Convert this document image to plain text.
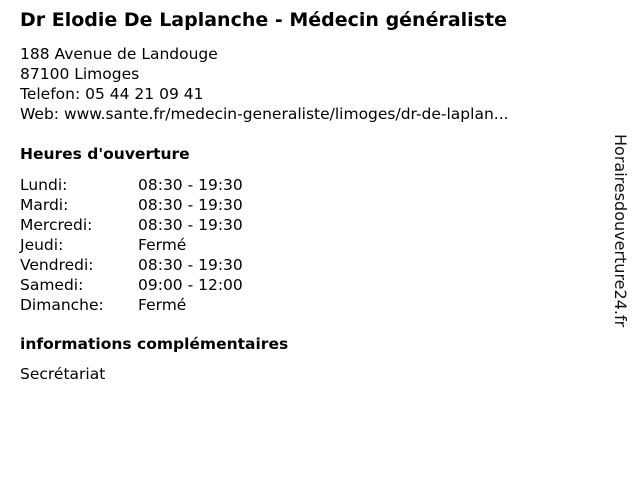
Dr Elodie De Laplanche - Médecin généraliste
188 Avenue de Landouge
87100 Limoges
Telefon: 05 44 21 09 41
Web: www.sante.fr/medecin-generaliste/limoges/dr-de-laplan...
Heures d'ouverture
Lundi:	08:30 - 19:30
Mardi:	08:30 - 19:30
Mercredi:	08:30 - 19:30
Jeudi:	Fermé
Vendredi:	08:30 - 19:30
Samedi:	09:00 - 12:00
Dimanche: Fermé
informations complémentaires
Secrétariat
Horairesdouverture24.fr
